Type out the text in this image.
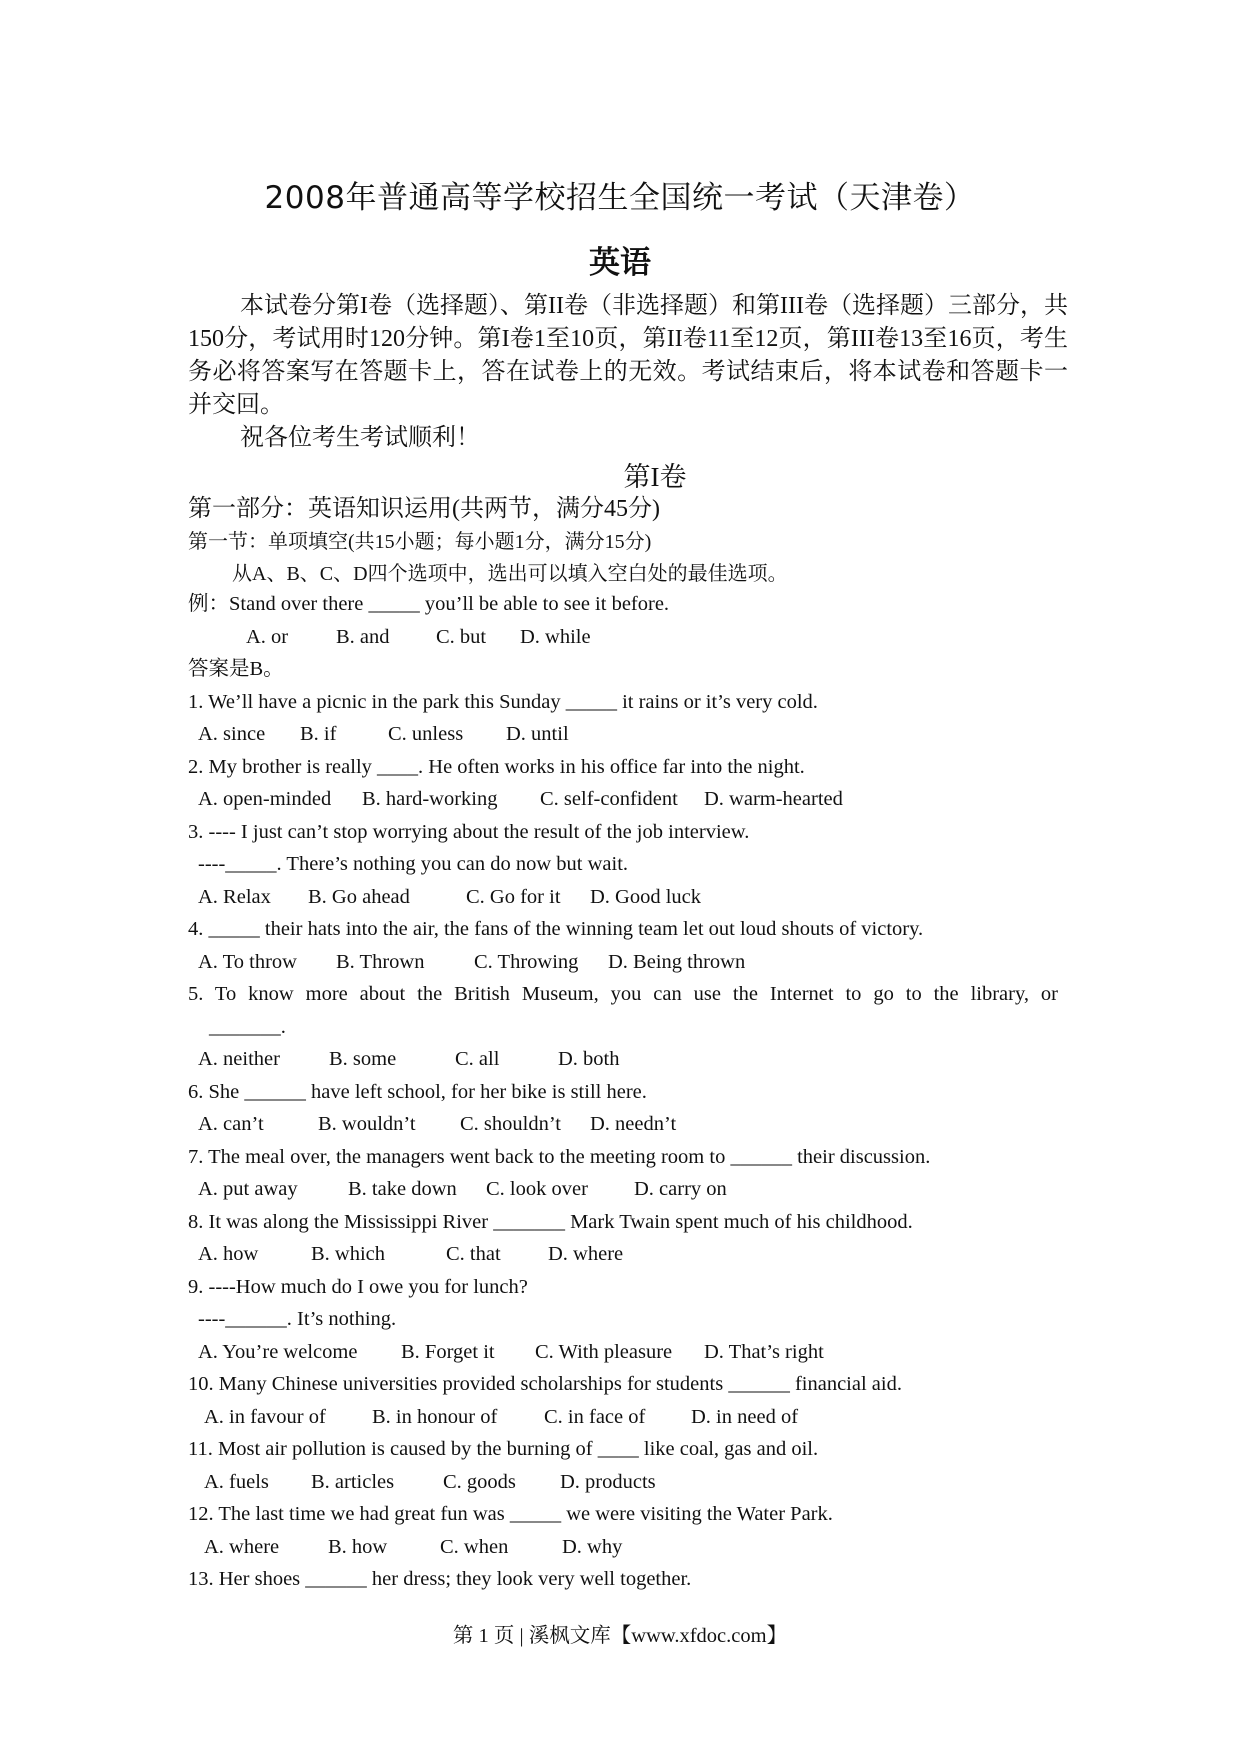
2008年普通高等学校招生全国统一考试（天津卷）
英语

本试卷分第I卷（选择题）、第II卷（非选择题）和第III卷（选择题）三部分，共150分，考试用时120分钟。第I卷1至10页，第II卷11至12页，第III卷13至16页，考生务必将答案写在答题卡上，答在试卷上的无效。考试结束后，将本试卷和答题卡一并交回。

祝各位考生考试顺利！

第I卷
第一部分：英语知识运用(共两节，满分45分)
第一节：单项填空(共15小题；每小题1分，满分15分)
从A、B、C、D四个选项中，选出可以填入空白处的最佳选项。
例：Stand over there _____ you’ll be able to see it before.
A. or B. and C. but D. while
答案是B。
1. We’ll have a picnic in the park this Sunday _____ it rains or it’s very cold.
A. since B. if	C. unless D. until
2. My brother is really ____. He often works in his office far into the night.
A. open-minded B. hard-working C. self-confident D. warm-hearted
3. ---- I just can’t stop worrying about the result of the job interview.
----_____. There’s nothing you can do now but wait.
A. Relax B. Go ahead	C. Go for it D. Good luck
4. _____ their hats into the air, the fans of the winning team let out loud shouts of victory.
A. To throw B. Thrown C. Throwing D. Being thrown
5. To know more about the British Museum, you can use the Internet to go to the library, or
_______.
A. neither B. some	C. all	D. both
6. She ______ have left school, for her bike is still here.
A. can’t	B. wouldn’t C. shouldn’t D. needn’t
7. The meal over, the managers went back to the meeting room to ______ their discussion.
A. put away B. take down C. look over D. carry on
8. It was along the Mississippi River _______ Mark Twain spent much of his childhood.
A. how	B. which	C. that D. where
9. ----How much do I owe you for lunch?
----______. It’s nothing.
A. You’re welcome B. Forget it C. With pleasure D. That’s right
10. Many Chinese universities provided scholarships for students ______ financial aid.
A. in favour of B. in honour of C. in face of D. in need of
11. Most air pollution is caused by the burning of ____ like coal, gas and oil.
A. fuels B. articles C. goods D. products
12. The last time we had great fun was _____ we were visiting the Water Park.
A. where B. how	C. when	D. why
13. Her shoes ______ her dress; they look very well together.
第 1 页 | 溪枫文库【www.xfdoc.com】
